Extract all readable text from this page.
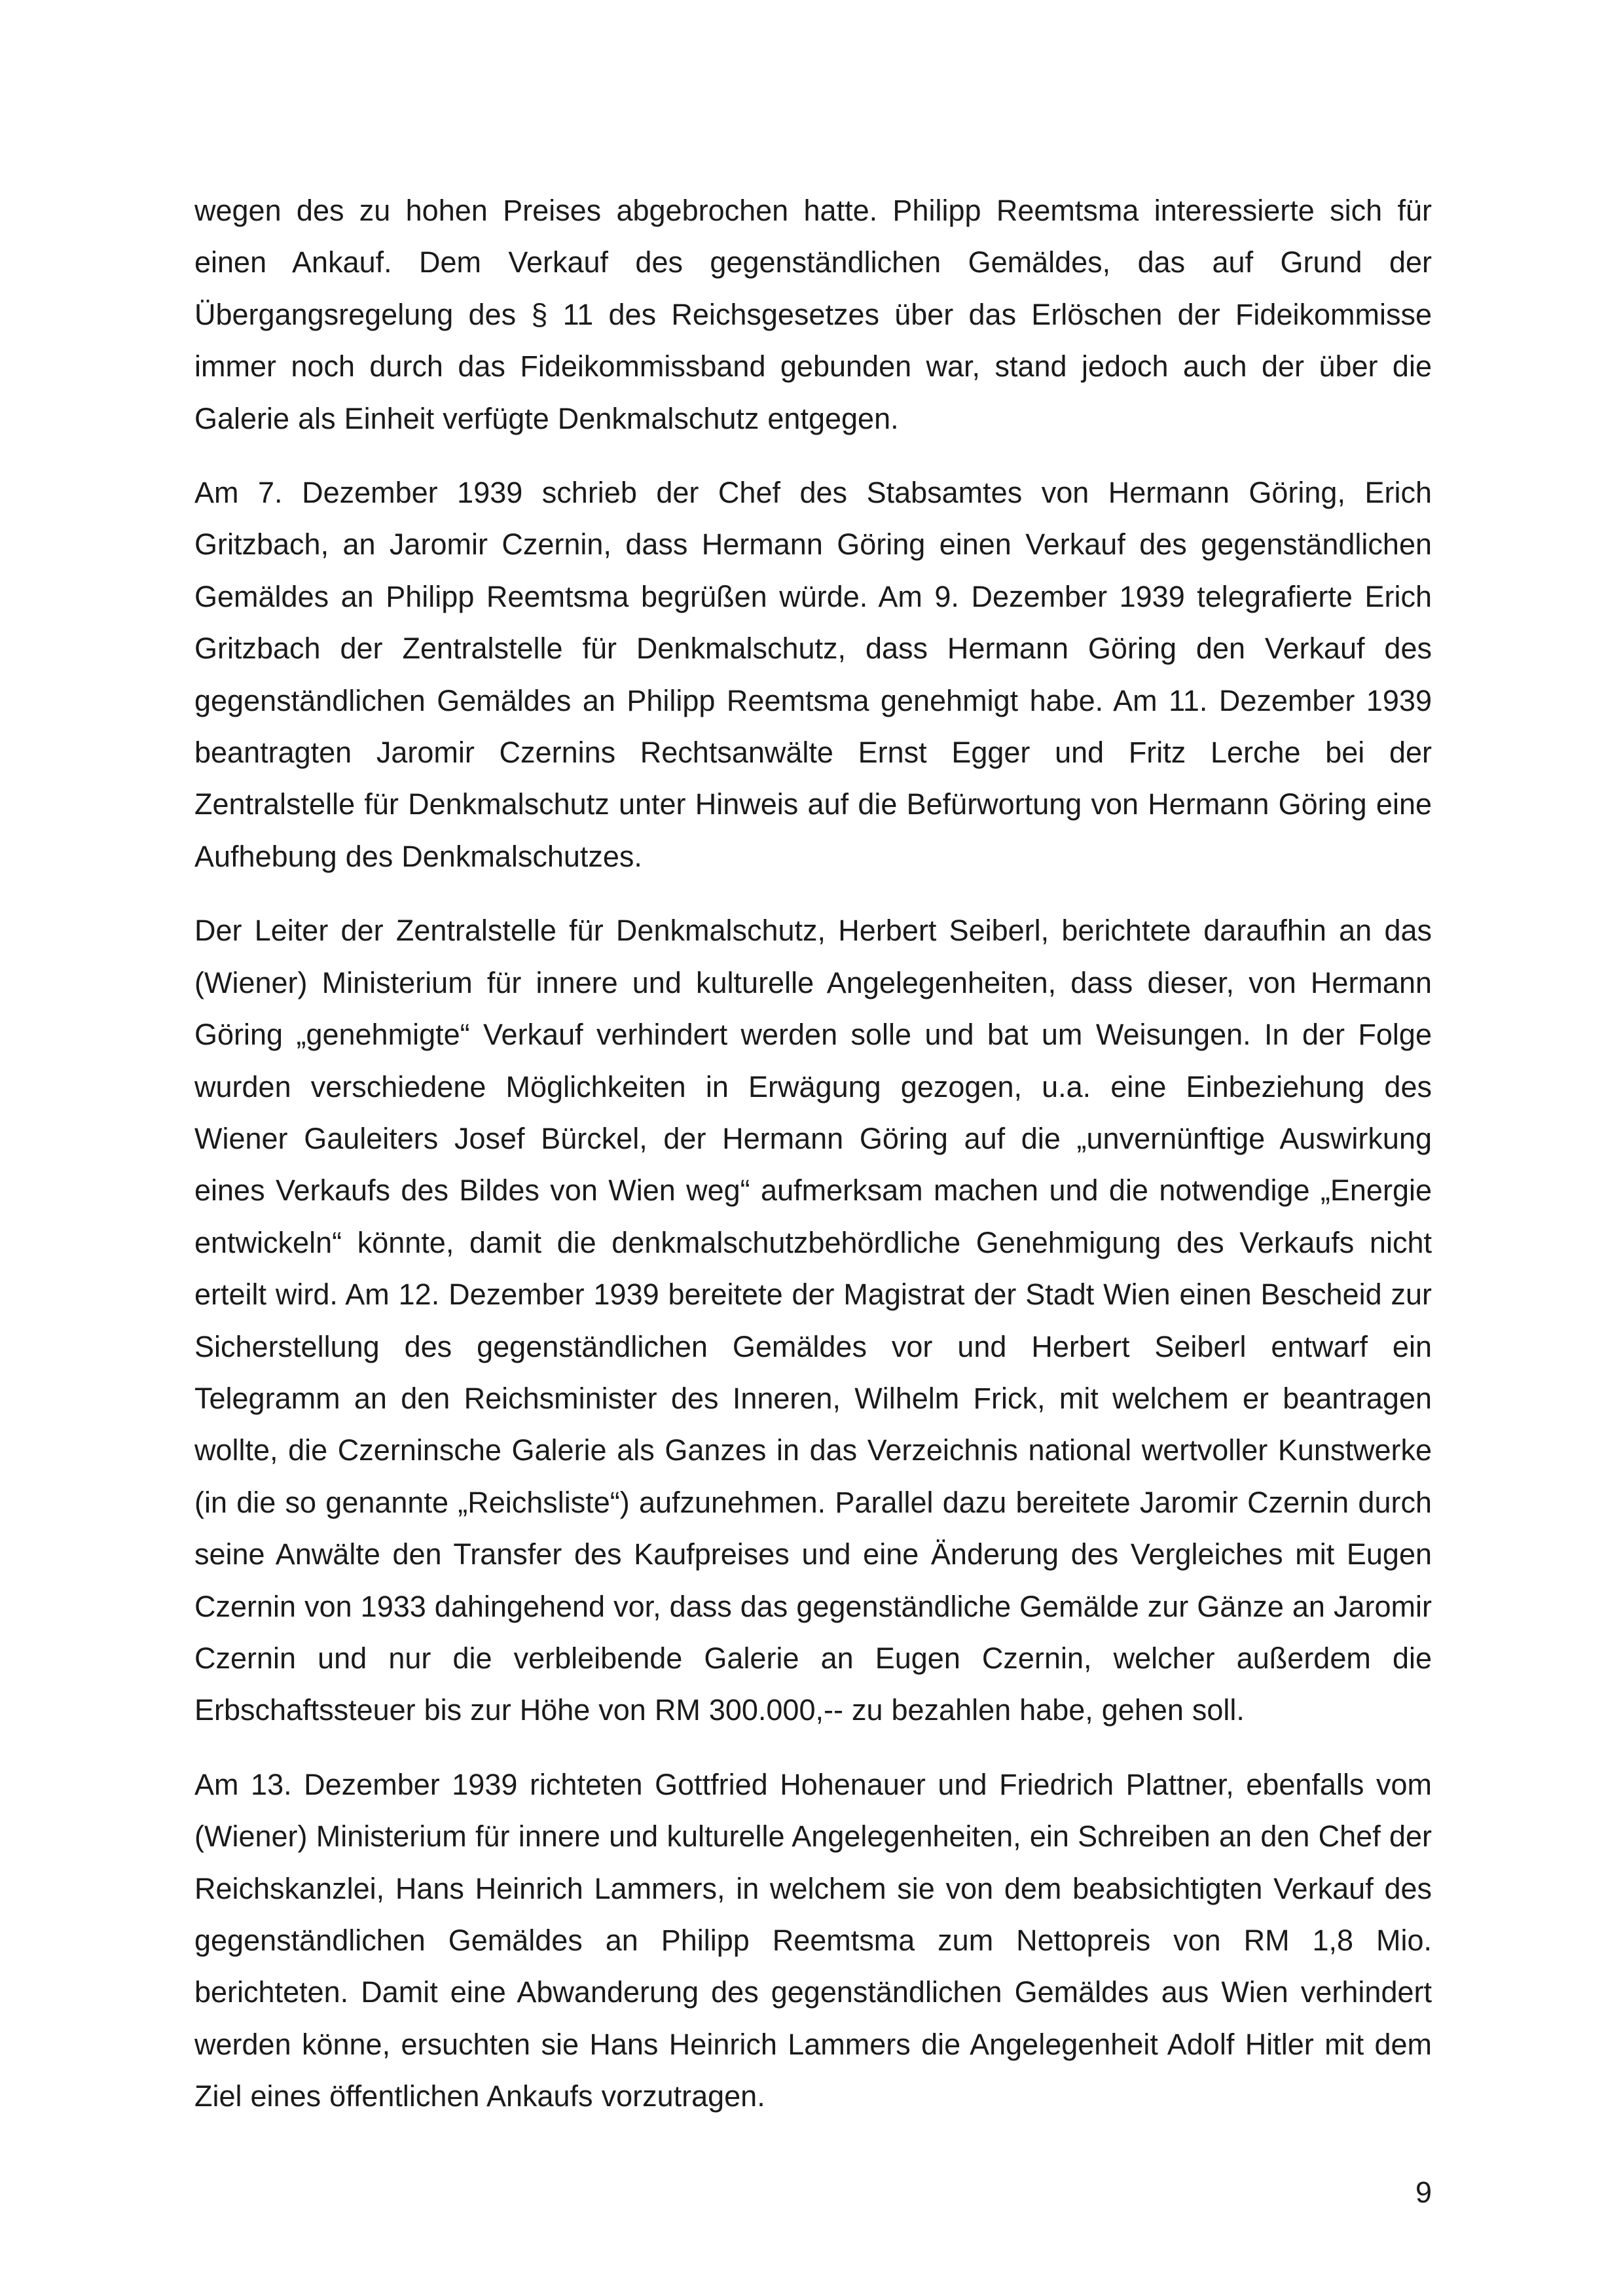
wegen des zu hohen Preises abgebrochen hatte. Philipp Reemtsma interessierte sich für einen Ankauf. Dem Verkauf des gegenständlichen Gemäldes, das auf Grund der Übergangsregelung des § 11 des Reichsgesetzes über das Erlöschen der Fideikommisse immer noch durch das Fideikommissband gebunden war, stand jedoch auch der über die Galerie als Einheit verfügte Denkmalschutz entgegen.

Am 7. Dezember 1939 schrieb der Chef des Stabsamtes von Hermann Göring, Erich Gritzbach, an Jaromir Czernin, dass Hermann Göring einen Verkauf des gegenständlichen Gemäldes an Philipp Reemtsma begrüßen würde. Am 9. Dezember 1939 telegrafierte Erich Gritzbach der Zentralstelle für Denkmalschutz, dass Hermann Göring den Verkauf des gegenständlichen Gemäldes an Philipp Reemtsma genehmigt habe. Am 11. Dezember 1939 beantragten Jaromir Czernins Rechtsanwälte Ernst Egger und Fritz Lerche bei der Zentralstelle für Denkmalschutz unter Hinweis auf die Befürwortung von Hermann Göring eine Aufhebung des Denkmalschutzes.

Der Leiter der Zentralstelle für Denkmalschutz, Herbert Seiberl, berichtete daraufhin an das (Wiener) Ministerium für innere und kulturelle Angelegenheiten, dass dieser, von Hermann Göring „genehmigte“ Verkauf verhindert werden solle und bat um Weisungen. In der Folge wurden verschiedene Möglichkeiten in Erwägung gezogen, u.a. eine Einbeziehung des Wiener Gauleiters Josef Bürckel, der Hermann Göring auf die „unvernünftige Auswirkung eines Verkaufs des Bildes von Wien weg“ aufmerksam machen und die notwendige „Energie entwickeln“ könnte, damit die denkmalschutzbehördliche Genehmigung des Verkaufs nicht erteilt wird. Am 12. Dezember 1939 bereitete der Magistrat der Stadt Wien einen Bescheid zur Sicherstellung des gegenständlichen Gemäldes vor und Herbert Seiberl entwarf ein Telegramm an den Reichsminister des Inneren, Wilhelm Frick, mit welchem er beantragen wollte, die Czerninsche Galerie als Ganzes in das Verzeichnis national wertvoller Kunstwerke (in die so genannte „Reichsliste“) aufzunehmen. Parallel dazu bereitete Jaromir Czernin durch seine Anwälte den Transfer des Kaufpreises und eine Änderung des Vergleiches mit Eugen Czernin von 1933 dahingehend vor, dass das gegenständliche Gemälde zur Gänze an Jaromir Czernin und nur die verbleibende Galerie an Eugen Czernin, welcher außerdem die Erbschaftssteuer bis zur Höhe von RM 300.000,-- zu bezahlen habe, gehen soll.

Am 13. Dezember 1939 richteten Gottfried Hohenauer und Friedrich Plattner, ebenfalls vom (Wiener) Ministerium für innere und kulturelle Angelegenheiten, ein Schreiben an den Chef der Reichskanzlei, Hans Heinrich Lammers, in welchem sie von dem beabsichtigten Verkauf des gegenständlichen Gemäldes an Philipp Reemtsma zum Nettopreis von RM 1,8 Mio. berichteten. Damit eine Abwanderung des gegenständlichen Gemäldes aus Wien verhindert werden könne, ersuchten sie Hans Heinrich Lammers die Angelegenheit Adolf Hitler mit dem Ziel eines öffentlichen Ankaufs vorzutragen.

9
